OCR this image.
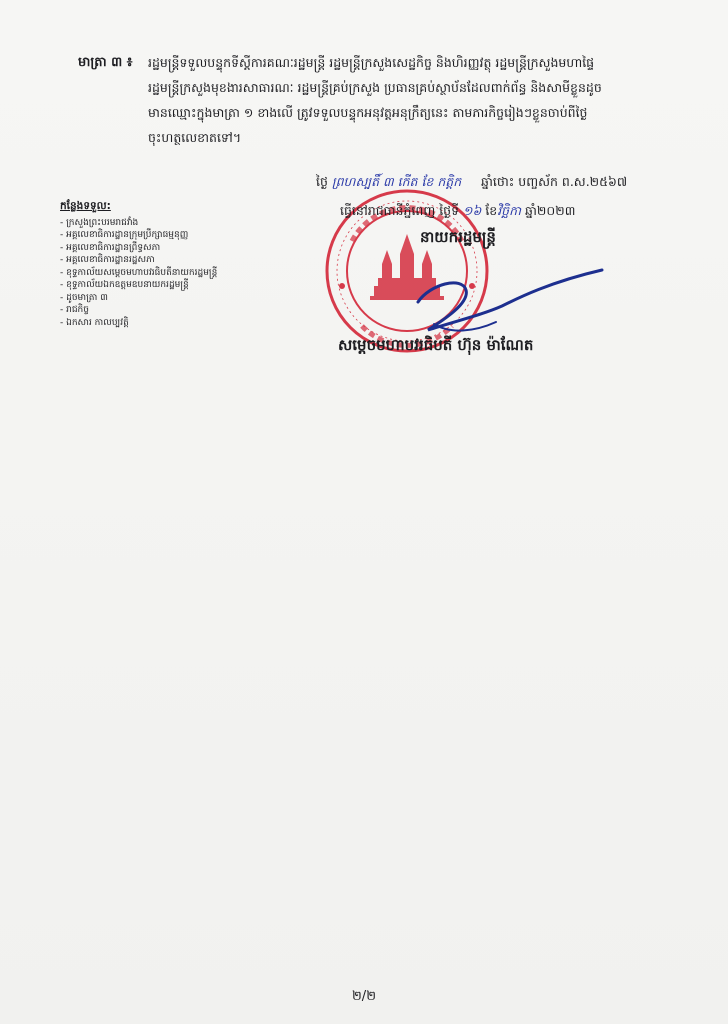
មាត្រា ៣ ៖ រដ្ឋមន្ត្រីទទួលបន្ទុកទីស្តីការគណៈរដ្ឋមន្ត្រី រដ្ឋមន្ត្រីក្រសួងសេដ្ឋកិច្ច និងហិរញ្ញវត្ថុ រដ្ឋមន្ត្រីក្រសួងមហាផ្ទៃ
រដ្ឋមន្ត្រីក្រសួងមុខងារសាធារណៈ រដ្ឋមន្ត្រីគ្រប់ក្រសួង ប្រធានគ្រប់ស្ថាប័នដែលពាក់ព័ន្ធ និងសាមីខ្លួនដូច
មានឈ្មោះក្នុងមាត្រា ១ ខាងលើ ត្រូវទទួលបន្ទុកអនុវត្តអនុក្រឹត្យនេះ តាមភារកិច្ចរៀងៗខ្លួនចាប់ពីថ្ងៃ
ចុះហត្ថលេខាតទៅ។
ថ្ងៃ ព្រហស្បតិ៍ ៣ កើត ខែ កត្ដិក ឆ្នាំថោះ បញ្ចស័ក ព.ស.២៥៦៧
ធ្វើនៅរាជធានីភ្នំពេញ ថ្ងៃទី ១៦ ខែវិច្ឆិកា ឆ្នាំ២០២៣
នាយករដ្ឋមន្ត្រី
សម្តេចមហាបវរធិបតី ហ៊ុន ម៉ាណែត
កន្លែងទទួល:
- ក្រសួងព្រះបរមរាជវាំង
- អគ្គលេខាធិការដ្ឋានក្រុមប្រឹក្សាធម្មនុញ្ញ
- អគ្គលេខាធិការដ្ឋានព្រឹទ្ធសភា
- អគ្គលេខាធិការដ្ឋានរដ្ឋសភា
- ខុទ្ទកាល័យសម្តេចមហាបវរធិបតីនាយករដ្ឋមន្ត្រី
- ខុទ្ទកាល័យឯកឧត្តមឧបនាយករដ្ឋមន្ត្រី
- ដូចមាត្រា ៣
- រាជកិច្ច
- ឯកសារ កាលប្បវត្តិ
២/២
